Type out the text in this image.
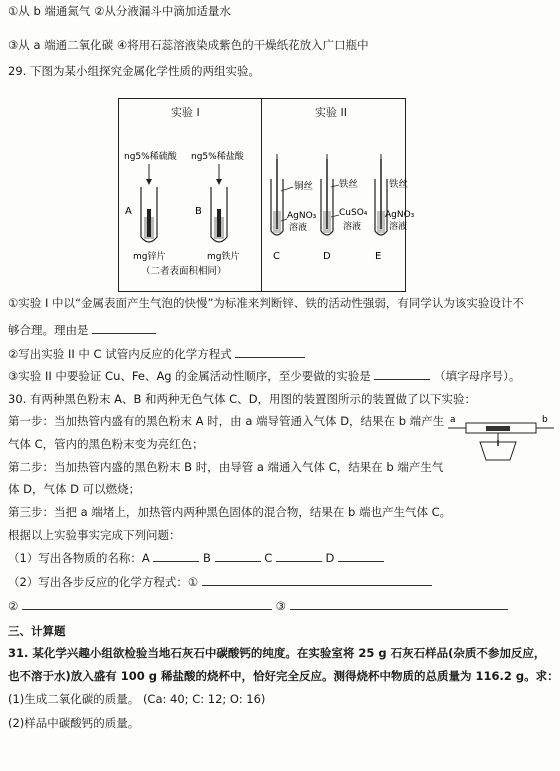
①从 b 端通氮气 ②从分液漏斗中滴加适量水
③从 a 端通二氧化碳 ④将用石蕊溶液染成紫色的干燥纸花放入广口瓶中
29. 下图为某小组探究金属化学性质的两组实验。
实验 I	实验 II
ng5%稀硫酸 ng5%稀盐酸
A
mg锌片
B
mg铁片
（二者表面积相同）
铜丝
AgNO₃
溶液
C
铁丝
CuSO₄
溶液
D
铁丝
AgNO₃
溶液
E
①实验 I 中以“金属表面产生气泡的快慢”为标准来判断锌、铁的活动性强弱，有同学认为该实验设计不
够合理。理由是
②写出实验 II 中 C 试管内反应的化学方程式
③实验 II 中要验证 Cu、Fe、Ag 的金属活动性顺序，至少要做的实验是	（填字母序号）。
30. 有两种黑色粉末 A、B 和两种无色气体 C、D，用图的装置图所示的装置做了以下实验：
第一步：当加热管内盛有的黑色粉末 A 时，由 a 端导管通入气体 D，结果在 b 端产生
气体 C，管内的黑色粉末变为亮红色；
第二步：当加热管内盛的黑色粉末 B 时，由导管 a 端通入气体 C，结果在 b 端产生气
体 D，气体 D 可以燃烧；
第三步：当把 a 端堵上，加热管内两种黑色固体的混合物，结果在 b 端也产生气体 C。
根据以上实验事实完成下列问题：
a	b
（1）写出各物质的名称：A	B	C	D
（2）写出各步反应的化学方程式：①
②	③
三、计算题
31. 某化学兴趣小组欲检验当地石灰石中碳酸钙的纯度。在实验室将 25 g 石灰石样品(杂质不参加反应，
也不溶于水)放入盛有 100 g 稀盐酸的烧杯中，恰好完全反应。测得烧杯中物质的总质量为 116.2 g。求：
(1)生成二氧化碳的质量。 (Ca: 40; C: 12; O: 16)
(2)样品中碳酸钙的质量。
